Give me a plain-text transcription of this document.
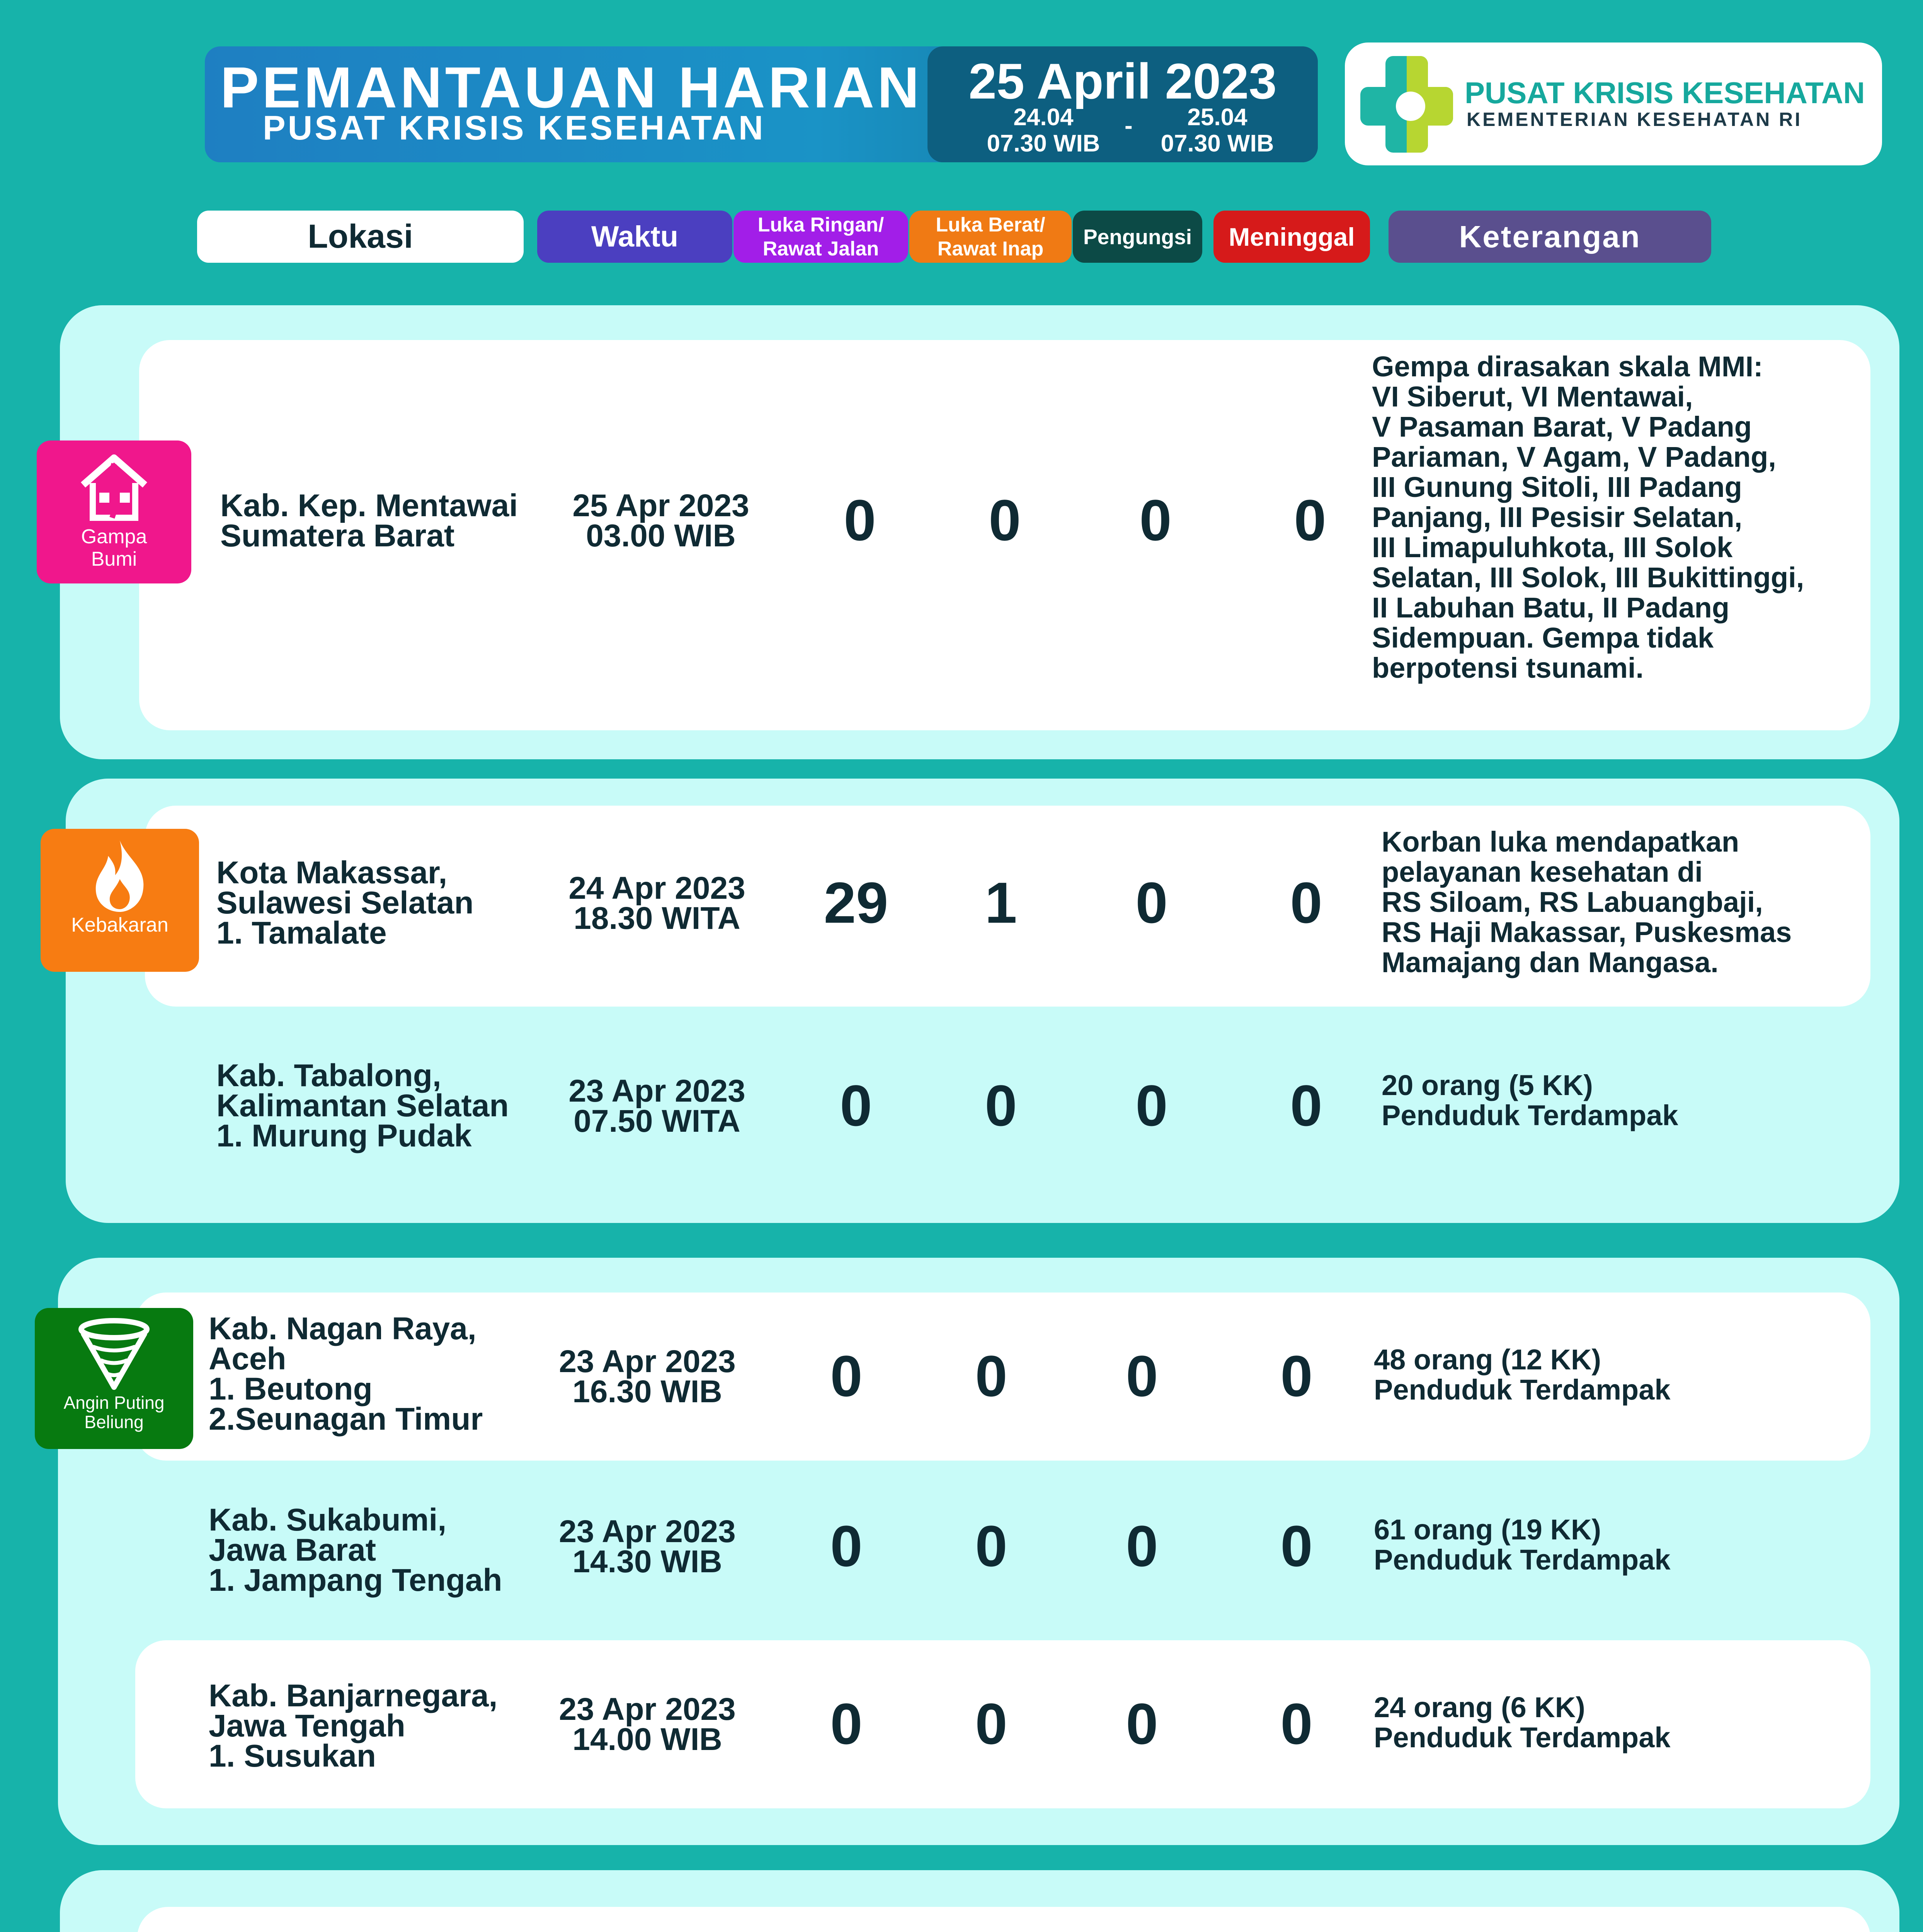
PEMANTAUAN HARIAN
PUSAT KRISIS KESEHATAN
25 April 2023
24.04
07.30 WIB
-	25.04
07.30 WIB
PUSAT KRISIS KESEHATAN
KEMENTERIAN KESEHATAN RI
Lokasi	Waktu	Luka Ringan/
Rawat Jalan
Luka Berat/
Rawat Inap	Pengungsi	Meninggal	Keterangan
Gampa
Bumi
Kab. Kep. Mentawai
Sumatera Barat
25 Apr 2023
03.00 WIB	0	0	0	0
Gempa dirasakan skala MMI:
VI Siberut, VI Mentawai,
V Pasaman Barat, V Padang
Pariaman, V Agam, V Padang,
III Gunung Sitoli, III Padang
Panjang, III Pesisir Selatan,
III Limapuluhkota, III Solok
Selatan, III Solok, III Bukittinggi,
II Labuhan Batu, II Padang
Sidempuan. Gempa tidak
berpotensi tsunami.
Kebakaran
Kota Makassar,
Sulawesi Selatan
1. Tamalate
24 Apr 2023
18.30 WITA	29	1	0	0
Korban luka mendapatkan
pelayanan kesehatan di
RS Siloam, RS Labuangbaji,
RS Haji Makassar, Puskesmas
Mamajang dan Mangasa.
Kab. Tabalong,
Kalimantan Selatan
1. Murung Pudak
23 Apr 2023
07.50 WITA	0	0	0	0	20 orang (5 KK)
Penduduk Terdampak
Angin Puting
Beliung
Kab. Nagan Raya,
Aceh
1. Beutong
2.Seunagan Timur
23 Apr 2023
16.30 WIB	0	0	0	0	48 orang (12 KK)
Penduduk Terdampak
Kab. Sukabumi,
Jawa Barat
1. Jampang Tengah
23 Apr 2023
14.30 WIB	0	0	0	0	61 orang (19 KK)
Penduduk Terdampak
Kab. Banjarnegara,
Jawa Tengah
1. Susukan
23 Apr 2023
14.00 WIB	0	0	0	0	24 orang (6 KK)
Penduduk Terdampak
